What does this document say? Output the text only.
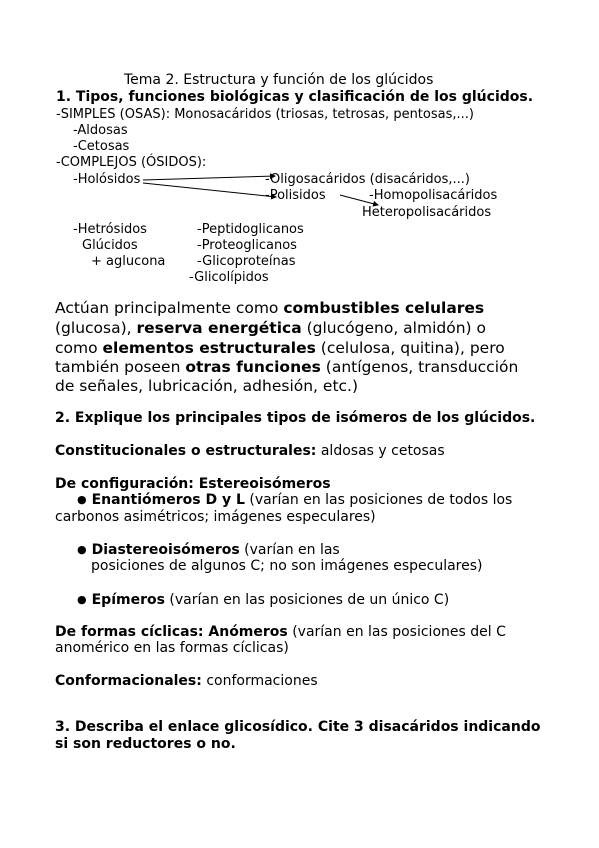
Tema 2. Estructura y función de los glúcidos
1. Tipos, funciones biológicas y clasificación de los glúcidos.
-SIMPLES (OSAS): Monosacáridos (triosas, tetrosas, pentosas,...)
-Aldosas
-Cetosas
-COMPLEJOS (ÓSIDOS):
-Holósidos	-Oligosacáridos (disacáridos,...)
-Polisidos	-Homopolisacáridos
Heteropolisacáridos
-Hetrósidos
Glúcidos
+ aglucona
-Peptidoglicanos
-Proteoglicanos
-Glicoproteínas
-Glicolípidos
Actúan principalmente como combustibles celulares
(glucosa), reserva energética (glucógeno, almidón) o
como elementos estructurales (celulosa, quitina), pero
también poseen otras funciones (antígenos, transducción
de señales, lubricación, adhesión, etc.)
2. Explique los principales tipos de isómeros de los glúcidos.
Constitucionales o estructurales: aldosas y cetosas
De configuración: Estereoisómeros
● Enantiómeros D y L (varían en las posiciones de todos los
carbonos asimétricos; imágenes especulares)
● Diastereoisómeros (varían en las
posiciones de algunos C; no son imágenes especulares)
● Epímeros (varían en las posiciones de un único C)
De formas cíclicas: Anómeros (varían en las posiciones del C
anomérico en las formas cíclicas)
Conformacionales: conformaciones
3. Describa el enlace glicosídico. Cite 3 disacáridos indicando
si son reductores o no.
